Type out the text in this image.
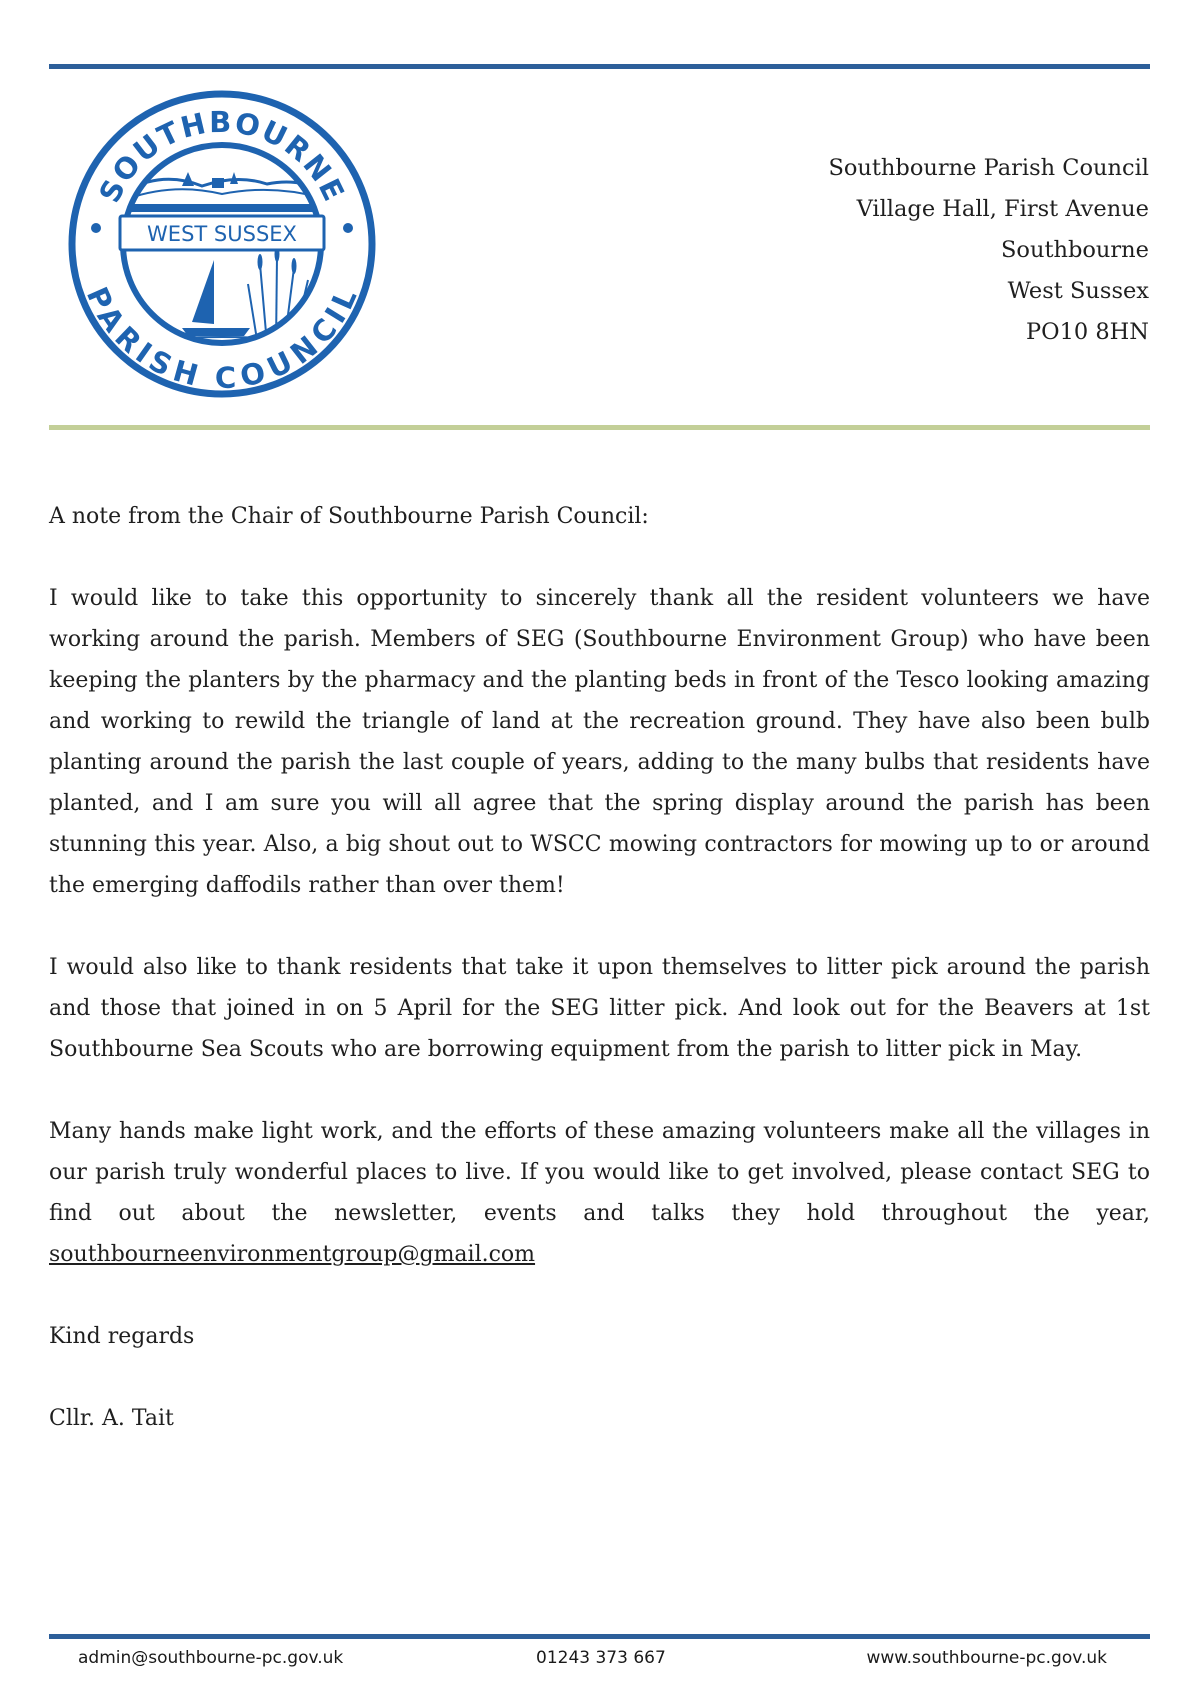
SOUTHBOURNE
PARISH COUNCIL
WEST SUSSEX
Southbourne Parish Council
Village Hall, First Avenue
Southbourne
West Sussex
PO10 8HN

A note from the Chair of Southbourne Parish Council:

I would like to take this opportunity to sincerely thank all the resident volunteers we have working around the parish. Members of SEG (Southbourne Environment Group) who have been keeping the planters by the pharmacy and the planting beds in front of the Tesco looking amazing and working to rewild the triangle of land at the recreation ground. They have also been bulb planting around the parish the last couple of years, adding to the many bulbs that residents have planted, and I am sure you will all agree that the spring display around the parish has been stunning this year. Also, a big shout out to WSCC mowing contractors for mowing up to or around the emerging daffodils rather than over them!

I would also like to thank residents that take it upon themselves to litter pick around the parish and those that joined in on 5 April for the SEG litter pick. And look out for the Beavers at 1st Southbourne Sea Scouts who are borrowing equipment from the parish to litter pick in May.

Many hands make light work, and the efforts of these amazing volunteers make all the villages in our parish truly wonderful places to live. If you would like to get involved, please contact SEG to find out about the newsletter, events and talks they hold throughout the year, southbourneenvironmentgroup@gmail.com

Kind regards

Cllr. A. Tait

admin@southbourne-pc.gov.uk	01243 373 667	www.southbourne-pc.gov.uk
